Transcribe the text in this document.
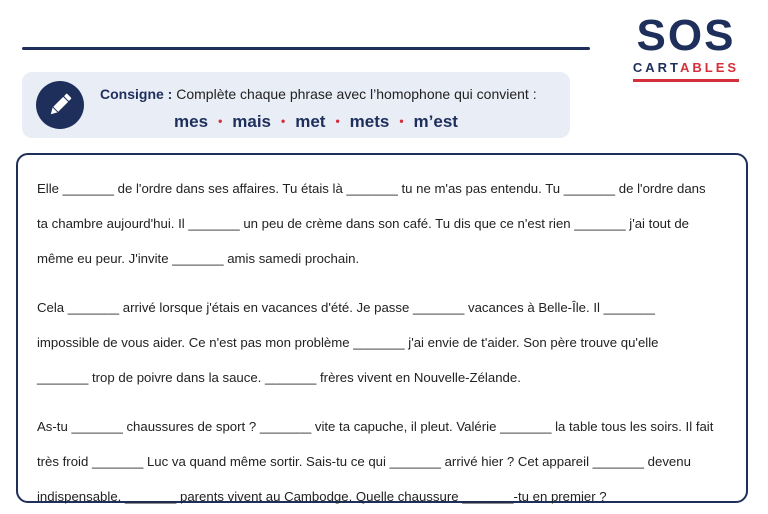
SOS
CARTABLES
Consigne : Complète chaque phrase avec l’homophone qui convient :
mes • mais • met • mets • m’est
Elle _______ de l'ordre dans ses affaires. Tu étais là _______ tu ne m'as pas entendu. Tu _______ de l'ordre dans
ta chambre aujourd'hui. Il _______ un peu de crème dans son café. Tu dis que ce n'est rien _______ j'ai tout de
même eu peur. J'invite _______ amis samedi prochain.
Cela _______ arrivé lorsque j'étais en vacances d'été. Je passe _______ vacances à Belle-Île. Il _______
impossible de vous aider. Ce n'est pas mon problème _______ j'ai envie de t'aider. Son père trouve qu'elle
_______ trop de poivre dans la sauce. _______ frères vivent en Nouvelle-Zélande.
As-tu _______ chaussures de sport ? _______ vite ta capuche, il pleut. Valérie _______ la table tous les soirs. Il fait
très froid _______ Luc va quand même sortir. Sais-tu ce qui _______ arrivé hier ? Cet appareil _______ devenu
indispensable. _______ parents vivent au Cambodge. Quelle chaussure _______-tu en premier ?
